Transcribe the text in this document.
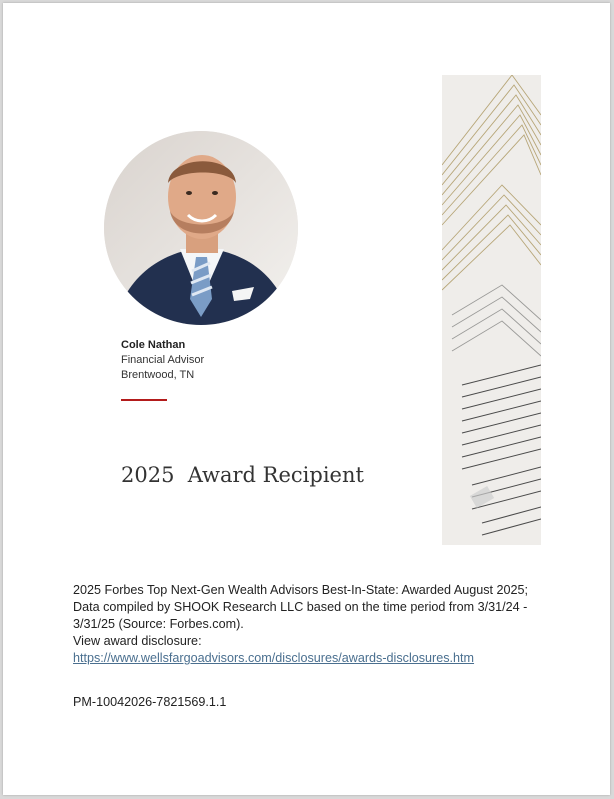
Cole Nathan
Financial Advisor
Brentwood, TN
2025  Award Recipient

2025 Forbes Top Next-Gen Wealth Advisors Best-In-State: Awarded August 2025; Data compiled by SHOOK Research LLC based on the time period from 3/31/24 - 3/31/25 (Source: Forbes.com).

View award disclosure:

https://www.wellsfargoadvisors.com/disclosures/awards-disclosures.htm

PM-10042026-7821569.1.1
